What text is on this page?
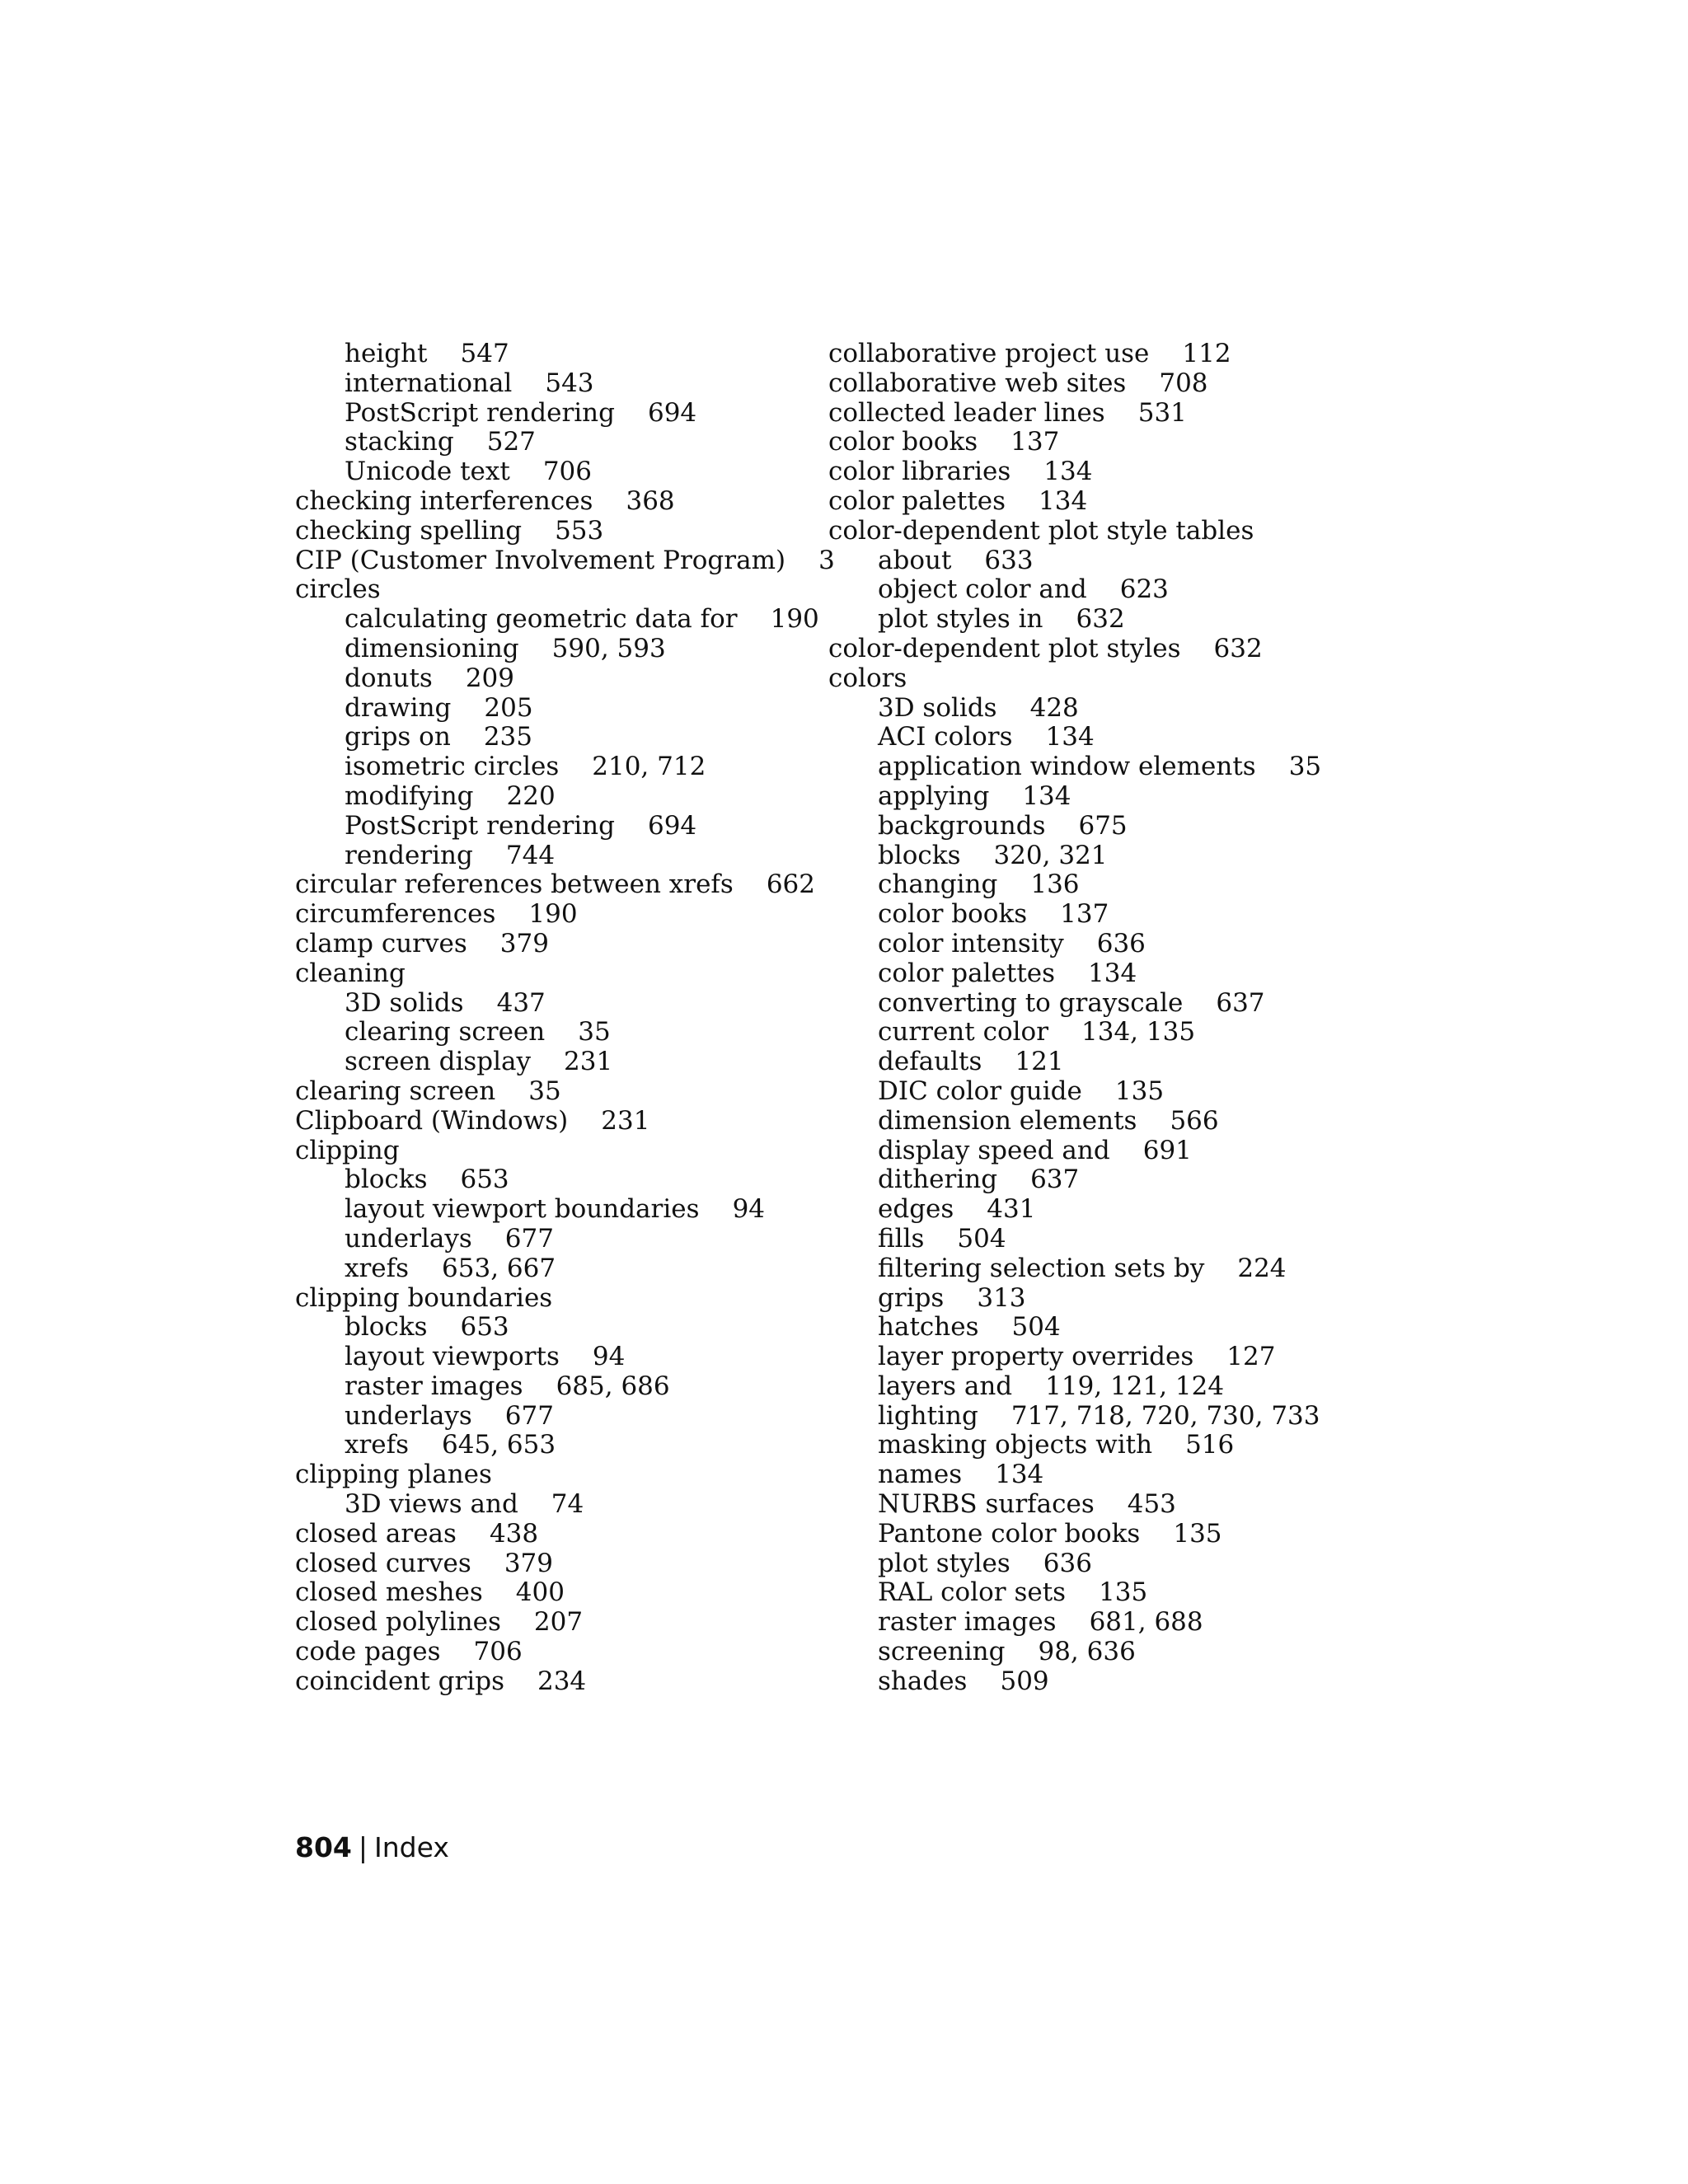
height 547
international 543
PostScript rendering 694
stacking 527
Unicode text 706
checking interferences 368
checking spelling 553
CIP (Customer Involvement Program) 3
circles
calculating geometric data for 190
dimensioning 590, 593
donuts 209
drawing 205
grips on 235
isometric circles 210, 712
modifying 220
PostScript rendering 694
rendering 744
circular references between xrefs 662
circumferences 190
clamp curves 379
cleaning
3D solids 437
clearing screen 35
screen display 231
clearing screen 35
Clipboard (Windows) 231
clipping
blocks 653
layout viewport boundaries 94
underlays 677
xrefs 653, 667
clipping boundaries
blocks 653
layout viewports 94
raster images 685, 686
underlays 677
xrefs 645, 653
clipping planes
3D views and 74
closed areas 438
closed curves 379
closed meshes 400
closed polylines 207
code pages 706
coincident grips 234
collaborative project use 112
collaborative web sites 708
collected leader lines 531
color books 137
color libraries 134
color palettes 134
color-dependent plot style tables
about 633
object color and 623
plot styles in 632
color-dependent plot styles 632
colors
3D solids 428
ACI colors 134
application window elements 35
applying 134
backgrounds 675
blocks 320, 321
changing 136
color books 137
color intensity 636
color palettes 134
converting to grayscale 637
current color 134, 135
defaults 121
DIC color guide 135
dimension elements 566
display speed and 691
dithering 637
edges 431
fills 504
filtering selection sets by 224
grips 313
hatches 504
layer property overrides 127
layers and 119, 121, 124
lighting 717, 718, 720, 730, 733
masking objects with 516
names 134
NURBS surfaces 453
Pantone color books 135
plot styles 636
RAL color sets 135
raster images 681, 688
screening 98, 636
shades 509
804 | Index
